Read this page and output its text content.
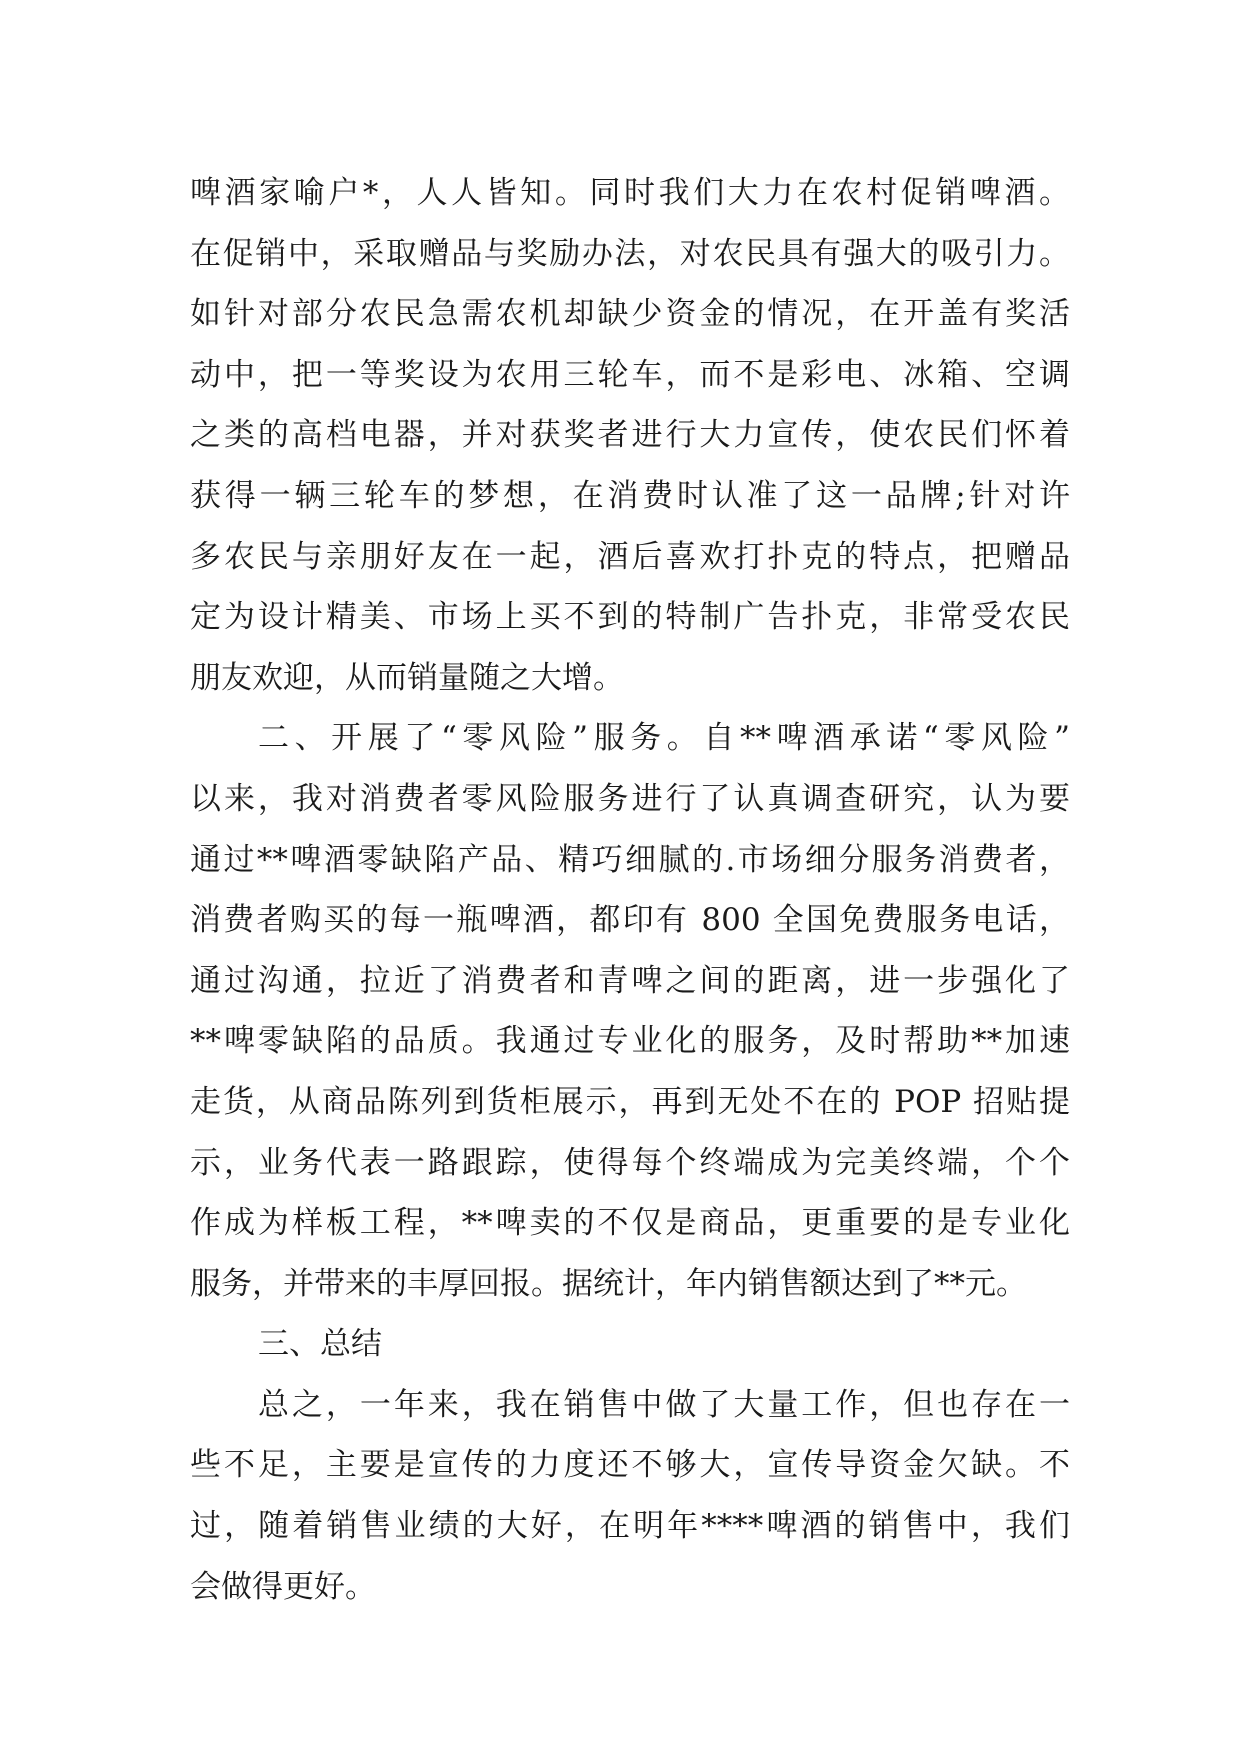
啤酒家喻户*，人人皆知。同时我们大力在农村促销啤酒。
在促销中，采取赠品与奖励办法，对农民具有强大的吸引力。
如针对部分农民急需农机却缺少资金的情况，在开盖有奖活
动中，把一等奖设为农用三轮车，而不是彩电、冰箱、空调
之类的高档电器，并对获奖者进行大力宣传，使农民们怀着
获得一辆三轮车的梦想，在消费时认准了这一品牌;针对许
多农民与亲朋好友在一起，酒后喜欢打扑克的特点，把赠品
定为设计精美、市场上买不到的特制广告扑克，非常受农民
朋友欢迎，从而销量随之大增。
二、开展了“零风险”服务。自**啤酒承诺“零风险”
以来，我对消费者零风险服务进行了认真调查研究，认为要
通过**啤酒零缺陷产品、精巧细腻的.市场细分服务消费者，
消费者购买的每一瓶啤酒，都印有 800 全国免费服务电话，
通过沟通，拉近了消费者和青啤之间的距离，进一步强化了
**啤零缺陷的品质。我通过专业化的服务，及时帮助**加速
走货，从商品陈列到货柜展示，再到无处不在的 POP 招贴提
示，业务代表一路跟踪，使得每个终端成为完美终端，个个
作成为样板工程，**啤卖的不仅是商品，更重要的是专业化
服务，并带来的丰厚回报。据统计，年内销售额达到了**元。
三、总结
总之，一年来，我在销售中做了大量工作，但也存在一
些不足，主要是宣传的力度还不够大，宣传导资金欠缺。不
过，随着销售业绩的大好，在明年****啤酒的销售中，我们
会做得更好。
